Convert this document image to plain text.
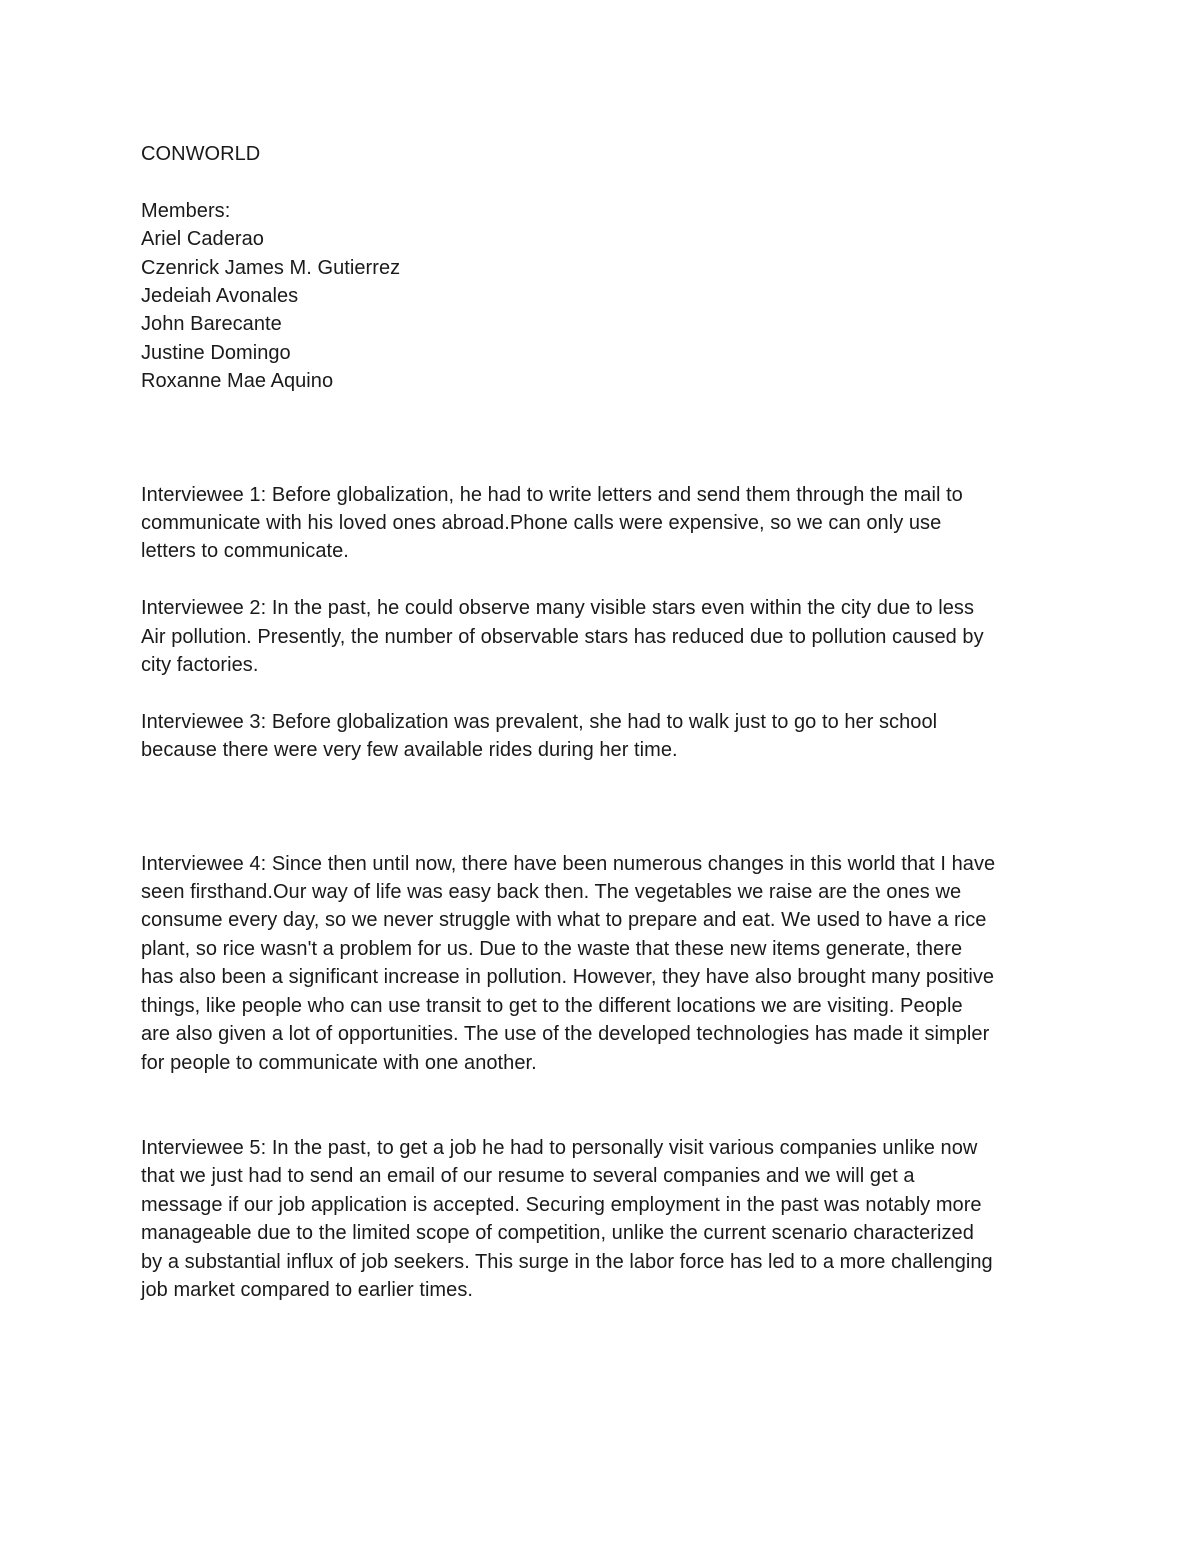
CONWORLD

Members:

Ariel Caderao

Czenrick James M. Gutierrez

Jedeiah Avonales

John Barecante

Justine Domingo

Roxanne Mae Aquino

Interviewee 1: Before globalization, he had to write letters and send them through the mail to

communicate with his loved ones abroad.Phone calls were expensive, so we can only use

letters to communicate.

Interviewee 2: In the past, he could observe many visible stars even within the city due to less

Air pollution. Presently, the number of observable stars has reduced due to pollution caused by

city factories.

Interviewee 3: Before globalization was prevalent, she had to walk just to go to her school

because there were very few available rides during her time.

Interviewee 4: Since then until now, there have been numerous changes in this world that I have

seen firsthand.Our way of life was easy back then. The vegetables we raise are the ones we

consume every day, so we never struggle with what to prepare and eat. We used to have a rice

plant, so rice wasn't a problem for us. Due to the waste that these new items generate, there

has also been a significant increase in pollution. However, they have also brought many positive

things, like people who can use transit to get to the different locations we are visiting. People

are also given a lot of opportunities. The use of the developed technologies has made it simpler

for people to communicate with one another.

Interviewee 5: In the past, to get a job he had to personally visit various companies unlike now

that we just had to send an email of our resume to several companies and we will get a

message if our job application is accepted. Securing employment in the past was notably more

manageable due to the limited scope of competition, unlike the current scenario characterized

by a substantial influx of job seekers. This surge in the labor force has led to a more challenging

job market compared to earlier times.
